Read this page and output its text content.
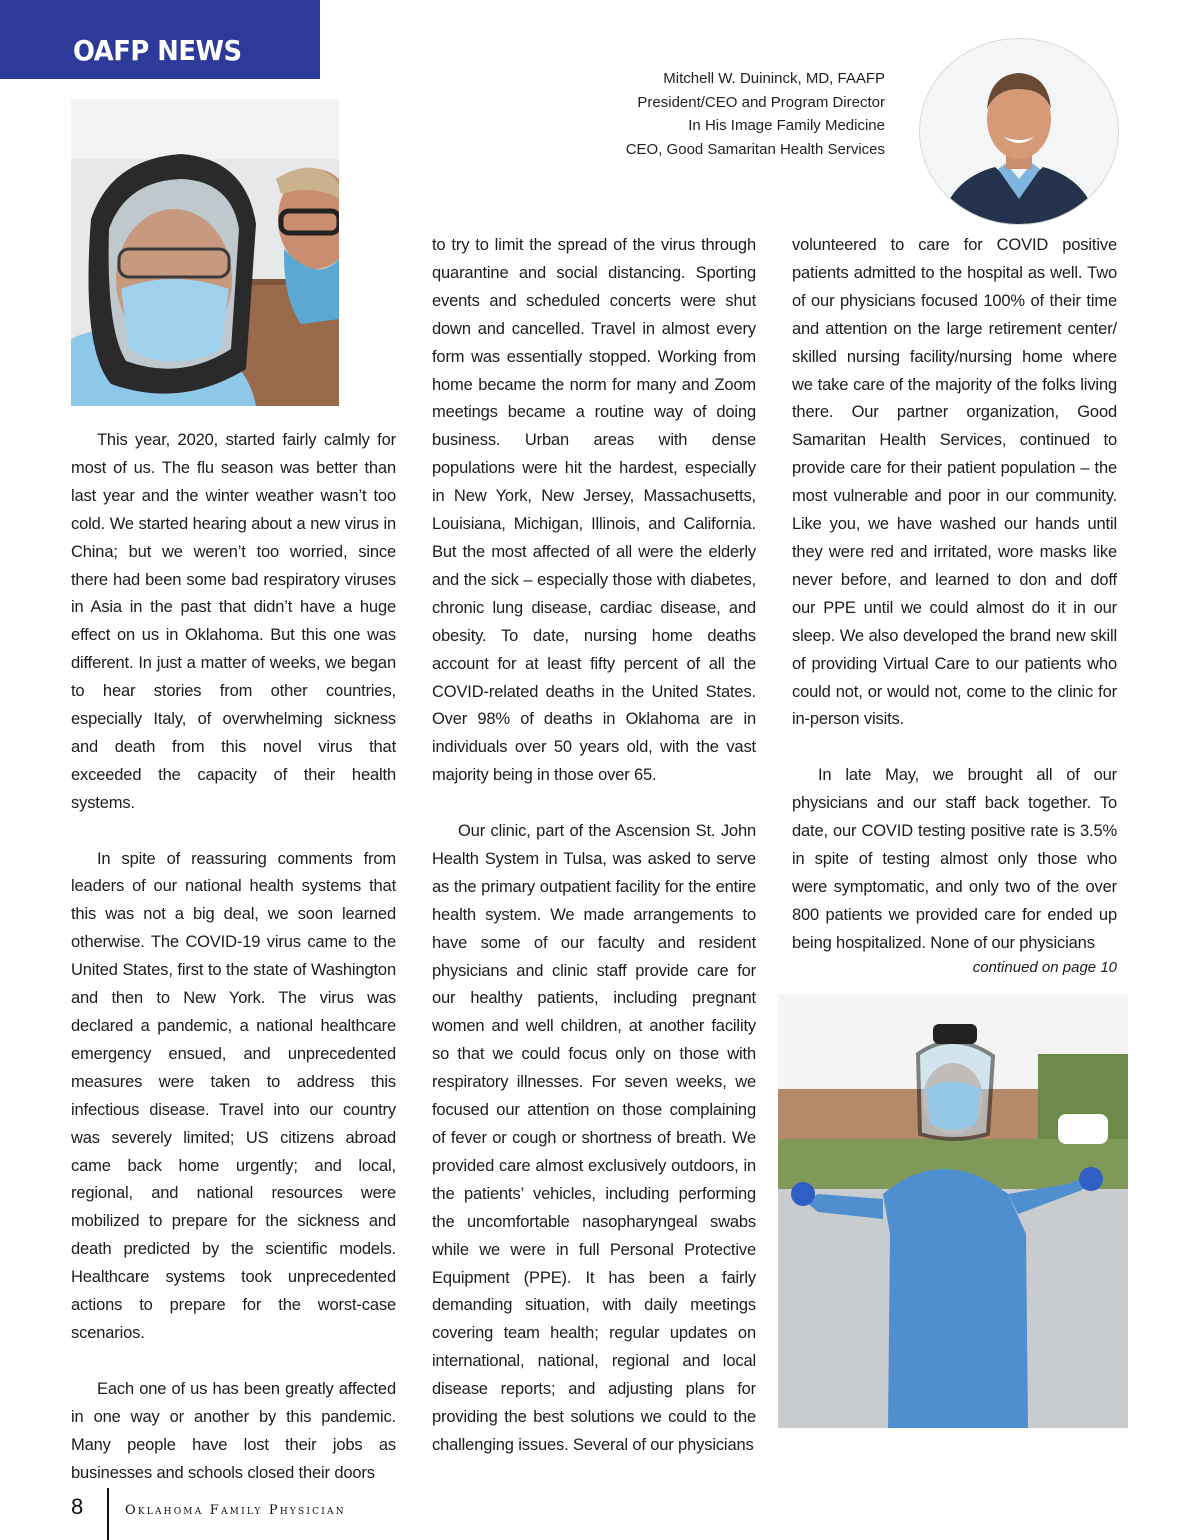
OAFP NEWS
Mitchell W. Duininck, MD, FAAFP
President/CEO and Program Director
In His Image Family Medicine
CEO, Good Samaritan Health Services

This year, 2020, started fairly calmly for most of us. The flu season was better than last year and the winter weather wasn’t too cold. We started hearing about a new virus in China; but we weren’t too worried, since there had been some bad respiratory viruses in Asia in the past that didn’t have a huge effect on us in Oklahoma. But this one was different. In just a matter of weeks, we began to hear stories from other countries, especially Italy, of overwhelming sickness and death from this novel virus that exceeded the capacity of their health systems.

In spite of reassuring comments from leaders of our national health systems that this was not a big deal, we soon learned otherwise. The COVID-19 virus came to the United States, first to the state of Washington and then to New York. The virus was declared a pandemic, a national healthcare emergency ensued, and unprecedented measures were taken to address this infectious disease. Travel into our country was severely limited; US citizens abroad came back home urgently; and local, regional, and national resources were mobilized to prepare for the sickness and death predicted by the scientific models. Healthcare systems took unprecedented actions to prepare for the worst-case scenarios.

Each one of us has been greatly affected in one way or another by this pandemic. Many people have lost their jobs as businesses and schools closed their doors

to try to limit the spread of the virus through quarantine and social distancing. Sporting events and scheduled concerts were shut down and cancelled. Travel in almost every form was essentially stopped. Working from home became the norm for many and Zoom meetings became a routine way of doing business. Urban areas with dense populations were hit the hardest, especially in New York, New Jersey, Massachusetts, Louisiana, Michigan, Illinois, and California. But the most affected of all were the elderly and the sick – especially those with diabetes, chronic lung disease, cardiac disease, and obesity. To date, nursing home deaths account for at least fifty percent of all the COVID-related deaths in the United States. Over 98% of deaths in Oklahoma are in individuals over 50 years old, with the vast majority being in those over 65.

Our clinic, part of the Ascension St. John Health System in Tulsa, was asked to serve as the primary outpatient facility for the entire health system. We made arrangements to have some of our faculty and resident physicians and clinic staff provide care for our healthy patients, including pregnant women and well children, at another facility so that we could focus only on those with respiratory illnesses. For seven weeks, we focused our attention on those complaining of fever or cough or shortness of breath. We provided care almost exclusively outdoors, in the patients’ vehicles, including performing the uncomfortable nasopharyngeal swabs while we were in full Personal Protective Equipment (PPE). It has been a fairly demanding situation, with daily meetings covering team health; regular updates on international, national, regional and local disease reports; and adjusting plans for providing the best solutions we could to the challenging issues. Several of our physicians

volunteered to care for COVID positive patients admitted to the hospital as well. Two of our physicians focused 100% of their time and attention on the large retirement center/ skilled nursing facility/nursing home where we take care of the majority of the folks living there. Our partner organization, Good Samaritan Health Services, continued to provide care for their patient population – the most vulnerable and poor in our community. Like you, we have washed our hands until they were red and irritated, wore masks like never before, and learned to don and doff our PPE until we could almost do it in our sleep. We also developed the brand new skill of providing Virtual Care to our patients who could not, or would not, come to the clinic for in-person visits.

In late May, we brought all of our physicians and our staff back together. To date, our COVID testing positive rate is 3.5% in spite of testing almost only those who were symptomatic, and only two of the over 800 patients we provided care for ended up being hospitalized. None of our physicians

continued on page 10
8	Oklahoma Family Physician
